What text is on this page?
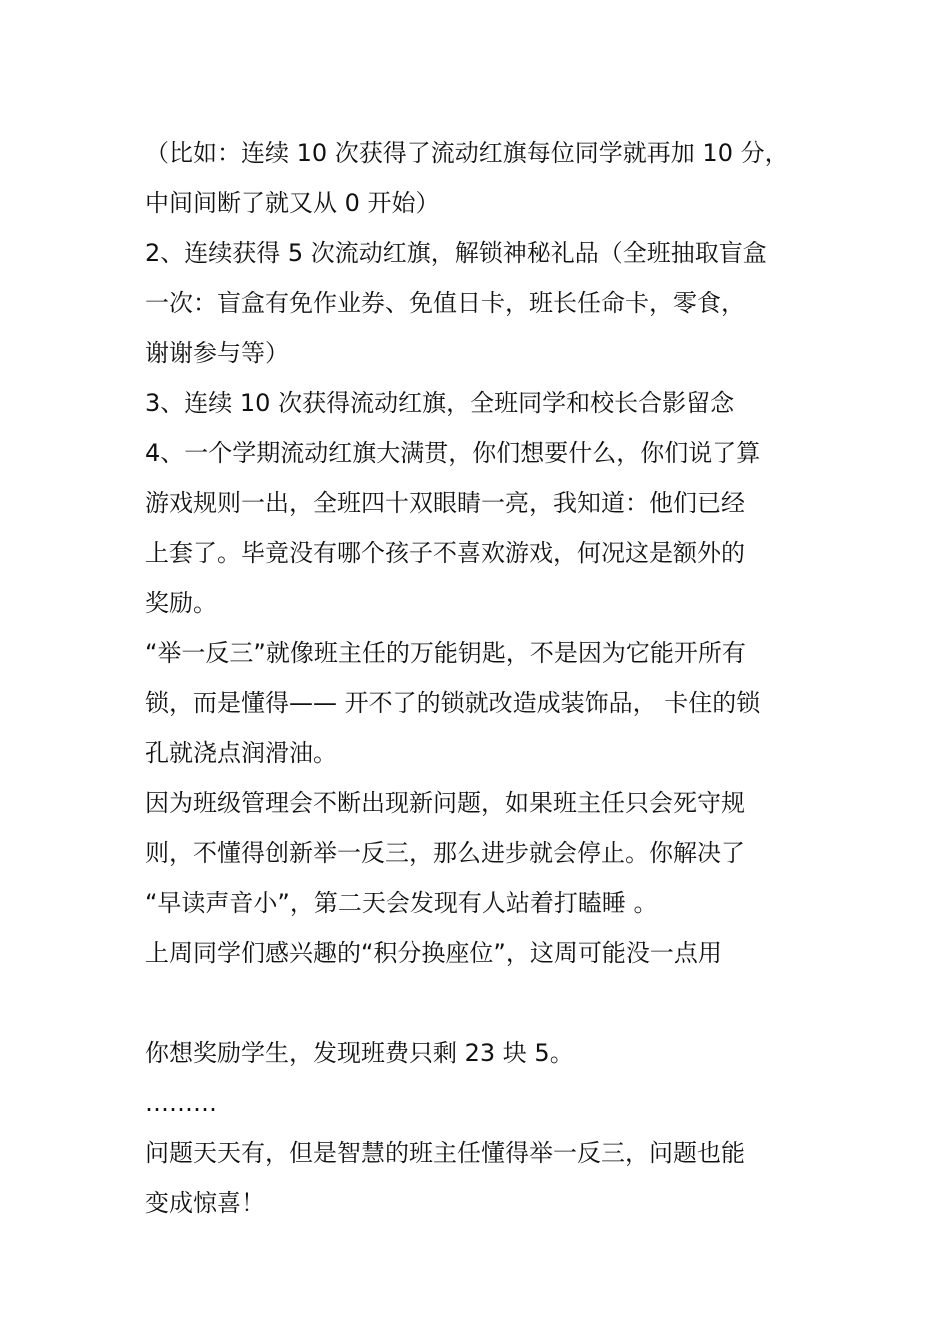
（比如：连续 10 次获得了流动红旗每位同学就再加 10 分，
中间间断了就又从 0 开始）
2、连续获得 5 次流动红旗，解锁神秘礼品（全班抽取盲盒
一次：盲盒有免作业券、免值日卡，班长任命卡，零食，
谢谢参与等）
3、连续 10 次获得流动红旗，全班同学和校长合影留念
4、一个学期流动红旗大满贯，你们想要什么，你们说了算
游戏规则一出，全班四十双眼睛一亮，我知道：他们已经
上套了。毕竟没有哪个孩子不喜欢游戏，何况这是额外的
奖励。
“举一反三”就像班主任的万能钥匙，不是因为它能开所有
锁，而是懂得—— 开不了的锁就改造成装饰品， 卡住的锁
孔就浇点润滑油。
因为班级管理会不断出现新问题，如果班主任只会死守规
则，不懂得创新举一反三，那么进步就会停止。你解决了
“早读声音小”，第二天会发现有人站着打瞌睡 。
上周同学们感兴趣的“积分换座位”，这周可能没一点用
你想奖励学生，发现班费只剩 23 块 5。
………
问题天天有，但是智慧的班主任懂得举一反三，问题也能
变成惊喜！
